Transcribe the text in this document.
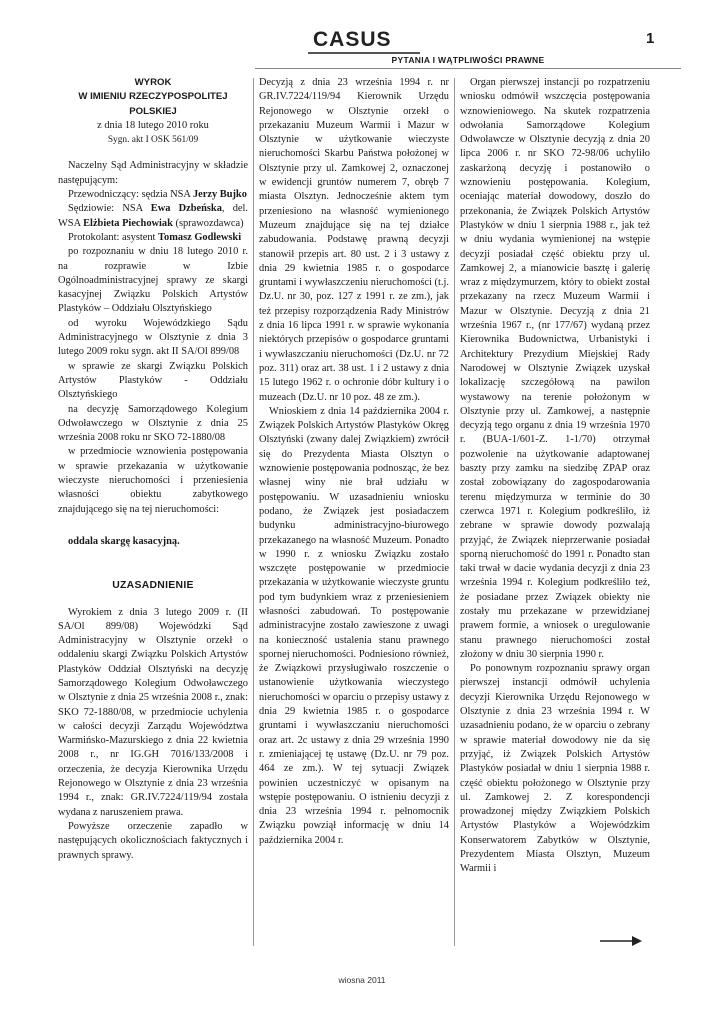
CASUS	1
PYTANIA I WĄTPLIWOŚCI PRAWNE
WYROK
W IMIENIU RZECZYPOSPOLITEJ
POLSKIEJ
z dnia 18 lutego 2010 roku
Sygn. akt I OSK 561/09

Naczelny Sąd Administracyjny w składzie następującym:

Przewodniczący: sędzia NSA Jerzy Bujko

Sędziowie: NSA Ewa Dzbeńska, del. WSA Elżbieta Piechowiak (sprawozdawca)

Protokolant: asystent Tomasz Godlewski

po rozpoznaniu w dniu 18 lutego 2010 r. na rozprawie w Izbie Ogólnoadministracyjnej sprawy ze skargi kasacyjnej Związku Polskich Artystów Plastyków – Oddziału Olsztyńskiego

od wyroku Wojewódzkiego Sądu Administracyjnego w Olsztynie z dnia 3 lutego 2009 roku sygn. akt II SA/Ol 899/08

w sprawie ze skargi Związku Polskich Artystów Plastyków - Oddziału Olsztyńskiego

na decyzję Samorządowego Kolegium Odwoławczego w Olsztynie z dnia 25 września 2008 roku nr SKO 72-1880/08

w przedmiocie wznowienia postępowania w sprawie przekazania w użytkowanie wieczyste nieruchomości i przeniesienia własności obiektu zabytkowego znajdującego się na tej nieruchomości:

oddala skargę kasacyjną.

UZASADNIENIE

Wyrokiem z dnia 3 lutego 2009 r. (II SA/Ol 899/08) Wojewódzki Sąd Administracyjny w Olsztynie orzekł o oddaleniu skargi Związku Polskich Artystów Plastyków Oddział Olsztyński na decyzję Samorządowego Kolegium Odwoławczego w Olsztynie z dnia 25 września 2008 r., znak: SKO 72-1880/08, w przedmiocie uchylenia w całości decyzji Zarządu Województwa Warmińsko-Mazurskiego z dnia 22 kwietnia 2008 r., nr IG.GH 7016/133/2008 i orzeczenia, że decyzja Kierownika Urzędu Rejonowego w Olsztynie z dnia 23 września 1994 r., znak: GR.IV.7224/119/94 została wydana z naruszeniem prawa.

Powyższe orzeczenie zapadło w następujących okolicznościach faktycznych i prawnych sprawy.

Decyzją z dnia 23 września 1994 r. nr GR.IV.7224/119/94 Kierownik Urzędu Rejonowego w Olsztynie orzekł o przekazaniu Muzeum Warmii i Mazur w Olsztynie w użytkowanie wieczyste nieruchomości Skarbu Państwa położonej w Olsztynie przy ul. Zamkowej 2, oznaczonej w ewidencji gruntów numerem 7, obręb 7 miasta Olsztyn. Jednocześnie aktem tym przeniesiono na własność wymienionego Muzeum znajdujące się na tej działce zabudowania. Podstawę prawną decyzji stanowił przepis art. 80 ust. 2 i 3 ustawy z dnia 29 kwietnia 1985 r. o gospodarce gruntami i wywłaszczeniu nieruchomości (t.j. Dz.U. nr 30, poz. 127 z 1991 r. ze zm.), jak też przepisy rozporządzenia Rady Ministrów z dnia 16 lipca 1991 r. w sprawie wykonania niektórych przepisów o gospodarce gruntami i wywłaszczaniu nieruchomości (Dz.U. nr 72 poz. 311) oraz art. 38 ust. 1 i 2 ustawy z dnia 15 lutego 1962 r. o ochronie dóbr kultury i o muzeach (Dz.U. nr 10 poz. 48 ze zm.).

Wnioskiem z dnia 14 października 2004 r. Związek Polskich Artystów Plastyków Okręg Olsztyński (zwany dalej Związkiem) zwrócił się do Prezydenta Miasta Olsztyn o wznowienie postępowania podnosząc, że bez własnej winy nie brał udziału w postępowaniu. W uzasadnieniu wniosku podano, że Związek jest posiadaczem budynku administracyjno-biurowego przekazanego na własność Muzeum. Ponadto w 1990 r. z wniosku Związku zostało wszczęte postępowanie w przedmiocie przekazania w użytkowanie wieczyste gruntu pod tym budynkiem wraz z przeniesieniem własności zabudowań. To postępowanie administracyjne zostało zawieszone z uwagi na konieczność ustalenia stanu prawnego spornej nieruchomości. Podniesiono również, że Związkowi przysługiwało roszczenie o ustanowienie użytkowania wieczystego nieruchomości w oparciu o przepisy ustawy z dnia 29 kwietnia 1985 r. o gospodarce gruntami i wywłaszczaniu nieruchomości oraz art. 2c ustawy z dnia 29 września 1990 r. zmieniającej tę ustawę (Dz.U. nr 79 poz. 464 ze zm.). W tej sytuacji Związek powinien uczestniczyć w opisanym na wstępie postępowaniu. O istnieniu decyzji z dnia 23 września 1994 r. pełnomocnik Związku powziął informację w dniu 14 października 2004 r.

Organ pierwszej instancji po rozpatrzeniu wniosku odmówił wszczęcia postępowania wznowieniowego. Na skutek rozpatrzenia odwołania Samorządowe Kolegium Odwoławcze w Olsztynie decyzją z dnia 20 lipca 2006 r. nr SKO 72-98/06 uchyliło zaskarżoną decyzję i postanowiło o wznowieniu postępowania. Kolegium, oceniając materiał dowodowy, doszło do przekonania, że Związek Polskich Artystów Plastyków w dniu 1 sierpnia 1988 r., jak też w dniu wydania wymienionej na wstępie decyzji posiadał część obiektu przy ul. Zamkowej 2, a mianowicie basztę i galerię wraz z międzymurzem, który to obiekt został przekazany na rzecz Muzeum Warmii i Mazur w Olsztynie. Decyzją z dnia 21 września 1967 r., (nr 177/67) wydaną przez Kierownika Budownictwa, Urbanistyki i Architektury Prezydium Miejskiej Rady Narodowej w Olsztynie Związek uzyskał lokalizację szczegółową na pawilon wystawowy na terenie położonym w Olsztynie przy ul. Zamkowej, a następnie decyzją tego organu z dnia 19 września 1970 r. (BUA-1/601-Z. 1-1/70) otrzymał pozwolenie na użytkowanie adaptowanej baszty przy zamku na siedzibę ZPAP oraz został zobowiązany do zagospodarowania terenu międzymurza w terminie do 30 czerwca 1971 r. Kolegium podkreśliło, iż zebrane w sprawie dowody pozwalają przyjąć, że Związek nieprzerwanie posiadał sporną nieruchomość do 1991 r. Ponadto stan taki trwał w dacie wydania decyzji z dnia 23 września 1994 r. Kolegium podkreśliło też, że posiadane przez Związek obiekty nie zostały mu przekazane w przewidzianej prawem formie, a wniosek o uregulowanie stanu prawnego nieruchomości został złożony w dniu 30 sierpnia 1990 r.

Po ponownym rozpoznaniu sprawy organ pierwszej instancji odmówił uchylenia decyzji Kierownika Urzędu Rejonowego w Olsztynie z dnia 23 września 1994 r. W uzasadnieniu podano, że w oparciu o zebrany w sprawie materiał dowodowy nie da się przyjąć, iż Związek Polskich Artystów Plastyków posiadał w dniu 1 sierpnia 1988 r. część obiektu położonego w Olsztynie przy ul. Zamkowej 2. Z korespondencji prowadzonej między Związkiem Polskich Artystów Plastyków a Wojewódzkim Konserwatorem Zabytków w Olsztynie, Prezydentem Miasta Olsztyn, Muzeum Warmii i

wiosna 2011
